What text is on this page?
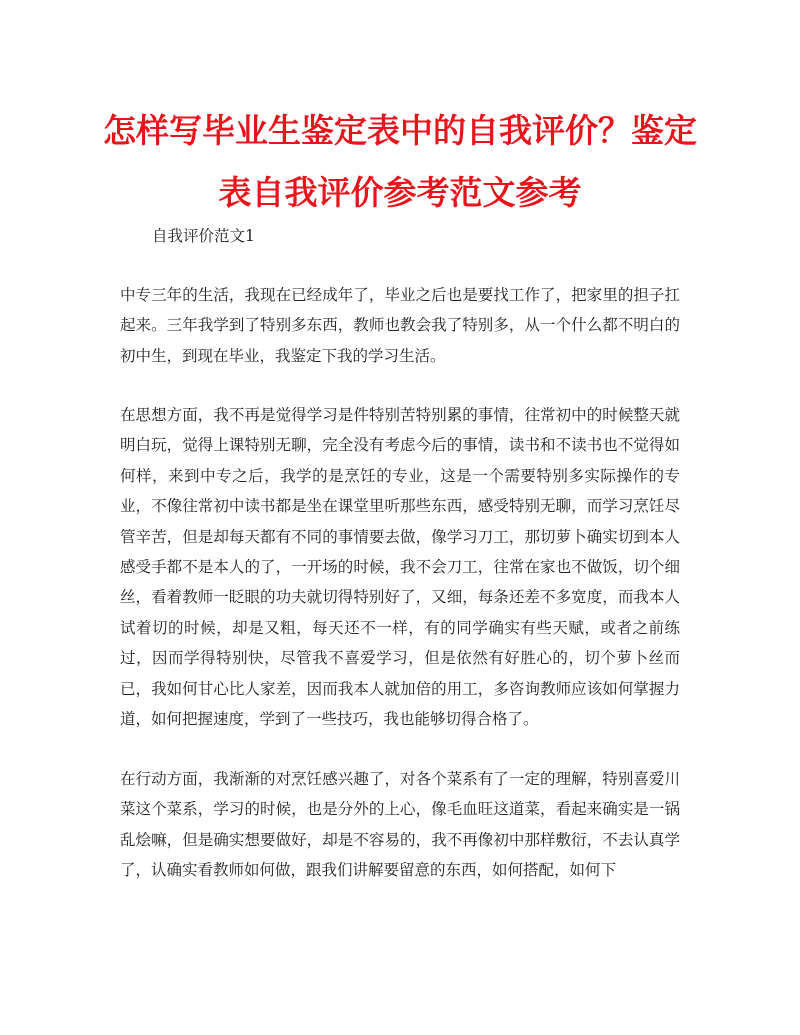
怎样写毕业生鉴定表中的自我评价？鉴定表自我评价参考范文参考

自我评价范文1

中专三年的生活，我现在已经成年了，毕业之后也是要找工作了，把家里的担子扛起来。三年我学到了特别多东西，教师也教会我了特别多，从一个什么都不明白的初中生，到现在毕业，我鉴定下我的学习生活。

在思想方面，我不再是觉得学习是件特别苦特别累的事情，往常初中的时候整天就明白玩，觉得上课特别无聊，完全没有考虑今后的事情，读书和不读书也不觉得如何样，来到中专之后，我学的是烹饪的专业，这是一个需要特别多实际操作的专业，不像往常初中读书都是坐在课堂里听那些东西，感受特别无聊，而学习烹饪尽管辛苦，但是却每天都有不同的事情要去做，像学习刀工，那切萝卜确实切到本人感受手都不是本人的了，一开场的时候，我不会刀工，往常在家也不做饭，切个细丝，看着教师一眨眼的功夫就切得特别好了，又细，每条还差不多宽度，而我本人试着切的时候，却是又粗，每天还不一样，有的同学确实有些天赋，或者之前练过，因而学得特别快，尽管我不喜爱学习，但是依然有好胜心的，切个萝卜丝而已，我如何甘心比人家差，因而我本人就加倍的用工，多咨询教师应该如何掌握力道，如何把握速度，学到了一些技巧，我也能够切得合格了。

在行动方面，我渐渐的对烹饪感兴趣了，对各个菜系有了一定的理解，特别喜爱川菜这个菜系，学习的时候，也是分外的上心，像毛血旺这道菜，看起来确实是一锅乱烩嘛，但是确实想要做好，却是不容易的，我不再像初中那样敷衍，不去认真学了，认确实看教师如何做，跟我们讲解要留意的东西，如何搭配，如何下
